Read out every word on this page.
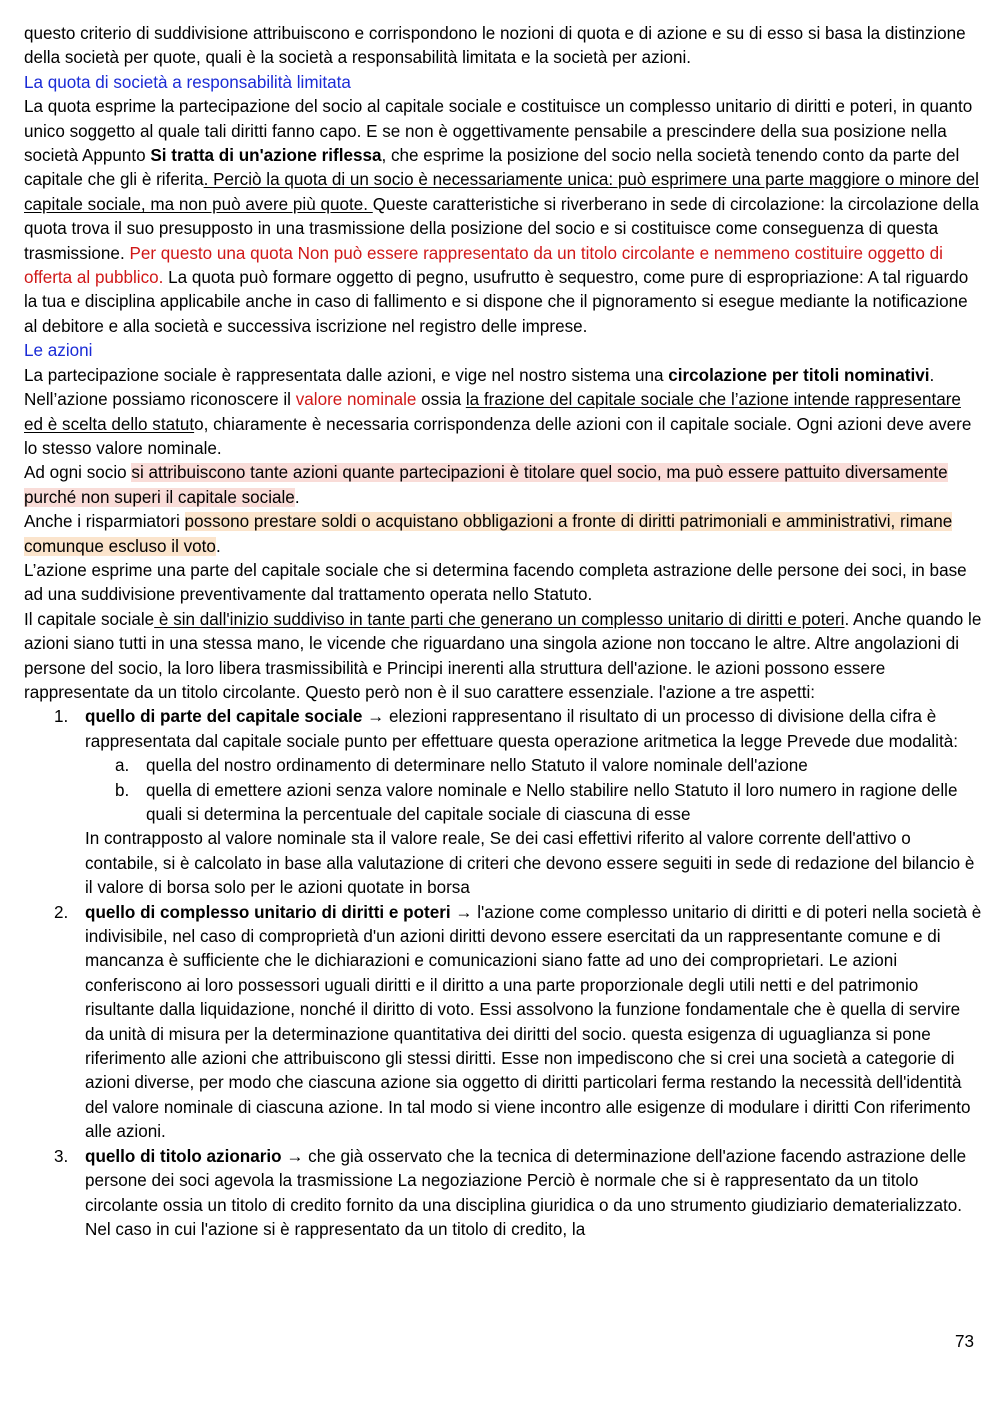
questo criterio di suddivisione attribuiscono e corrispondono le nozioni di quota e di azione e su di esso si basa la distinzione della società per quote, quali è la società a responsabilità limitata e la società per azioni.

La quota di società a responsabilità limitata

La quota esprime la partecipazione del socio al capitale sociale e costituisce un complesso unitario di diritti e poteri, in quanto unico soggetto al quale tali diritti fanno capo. E se non è oggettivamente pensabile a prescindere della sua posizione nella società Appunto Si tratta di un'azione riflessa, che esprime la posizione del socio nella società tenendo conto da parte del capitale che gli è riferita. Perciò la quota di un socio è necessariamente unica: può esprimere una parte maggiore o minore del capitale sociale, ma non può avere più quote. Queste caratteristiche si riverberano in sede di circolazione: la circolazione della quota trova il suo presupposto in una trasmissione della posizione del socio e si costituisce come conseguenza di questa trasmissione. Per questo una quota Non può essere rappresentato da un titolo circolante e nemmeno costituire oggetto di offerta al pubblico. La quota può formare oggetto di pegno, usufrutto è sequestro, come pure di espropriazione: A tal riguardo la tua e disciplina applicabile anche in caso di fallimento e si dispone che il pignoramento si esegue mediante la notificazione al debitore e alla società e successiva iscrizione nel registro delle imprese.

Le azioni

La partecipazione sociale è rappresentata dalle azioni, e vige nel nostro sistema una circolazione per titoli nominativi. Nell’azione possiamo riconoscere il valore nominale ossia la frazione del capitale sociale che l’azione intende rappresentare ed è scelta dello statuto, chiaramente è necessaria corrispondenza delle azioni con il capitale sociale. Ogni azioni deve avere lo stesso valore nominale.

Ad ogni socio si attribuiscono tante azioni quante partecipazioni è titolare quel socio, ma può essere pattuito diversamente purché non superi il capitale sociale.

Anche i risparmiatori possono prestare soldi o acquistano obbligazioni a fronte di diritti patrimoniali e amministrativi, rimane comunque escluso il voto.

L’azione esprime una parte del capitale sociale che si determina facendo completa astrazione delle persone dei soci, in base ad una suddivisione preventivamente dal trattamento operata nello Statuto.

Il capitale sociale è sin dall'inizio suddiviso in tante parti che generano un complesso unitario di diritti e poteri. Anche quando le azioni siano tutti in una stessa mano, le vicende che riguardano una singola azione non toccano le altre. Altre angolazioni di persone del socio, la loro libera trasmissibilità e Principi inerenti alla struttura dell'azione. le azioni possono essere rappresentate da un titolo circolante. Questo però non è il suo carattere essenziale. l'azione a tre aspetti:

1. quello di parte del capitale sociale → elezioni rappresentano il risultato di un processo di divisione della cifra è rappresentata dal capitale sociale punto per effettuare questa operazione aritmetica la legge Prevede due modalità:

a. quella del nostro ordinamento di determinare nello Statuto il valore nominale dell'azione
b. quella di emettere azioni senza valore nominale e Nello stabilire nello Statuto il loro numero in ragione delle quali si determina la percentuale del capitale sociale di ciascuna di esse

In contrapposto al valore nominale sta il valore reale, Se dei casi effettivi riferito al valore corrente dell'attivo o contabile, si è calcolato in base alla valutazione di criteri che devono essere seguiti in sede di redazione del bilancio è il valore di borsa solo per le azioni quotate in borsa

2. quello di complesso unitario di diritti e poteri → l'azione come complesso unitario di diritti e di poteri nella società è indivisibile, nel caso di comproprietà d'un azioni diritti devono essere esercitati da un rappresentante comune e di mancanza è sufficiente che le dichiarazioni e comunicazioni siano fatte ad uno dei comproprietari. Le azioni conferiscono ai loro possessori uguali diritti e il diritto a una parte proporzionale degli utili netti e del patrimonio risultante dalla liquidazione, nonché il diritto di voto. Essi assolvono la funzione fondamentale che è quella di servire da unità di misura per la determinazione quantitativa dei diritti del socio. questa esigenza di uguaglianza si pone riferimento alle azioni che attribuiscono gli stessi diritti. Esse non impediscono che si crei una società a categorie di azioni diverse, per modo che ciascuna azione sia oggetto di diritti particolari ferma restando la necessità dell'identità del valore nominale di ciascuna azione. In tal modo si viene incontro alle esigenze di modulare i diritti Con riferimento alle azioni.

3. quello di titolo azionario → che già osservato che la tecnica di determinazione dell'azione facendo astrazione delle persone dei soci agevola la trasmissione La negoziazione Perciò è normale che si è rappresentato da un titolo circolante ossia un titolo di credito fornito da una disciplina giuridica o da uno strumento giudiziario dematerializzato. Nel caso in cui l'azione si è rappresentato da un titolo di credito, la

73
